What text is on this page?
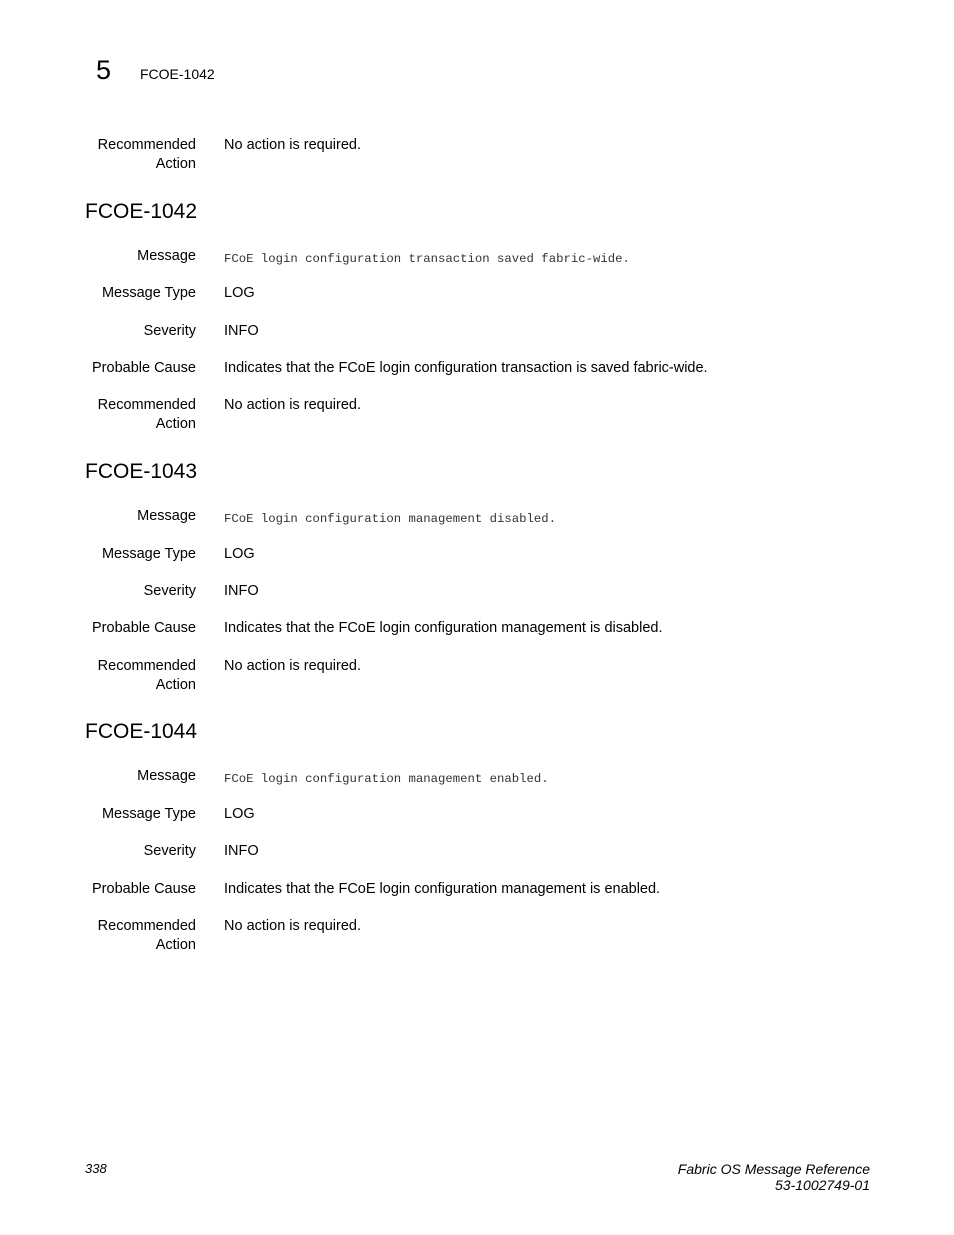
5 FCOE-1042
Recommended
Action
No action is required.
FCOE-1042
Message FCoE login configuration transaction saved fabric-wide.
Message Type LOG
Severity INFO
Probable Cause Indicates that the FCoE login configuration transaction is saved fabric-wide.
Recommended
Action
No action is required.
FCOE-1043
Message FCoE login configuration management disabled.
Message Type LOG
Severity INFO
Probable Cause Indicates that the FCoE login configuration management is disabled.
Recommended
Action
No action is required.
FCOE-1044
Message FCoE login configuration management enabled.
Message Type LOG
Severity INFO
Probable Cause Indicates that the FCoE login configuration management is enabled.
Recommended
Action
No action is required.
338	Fabric OS Message Reference
53-1002749-01
